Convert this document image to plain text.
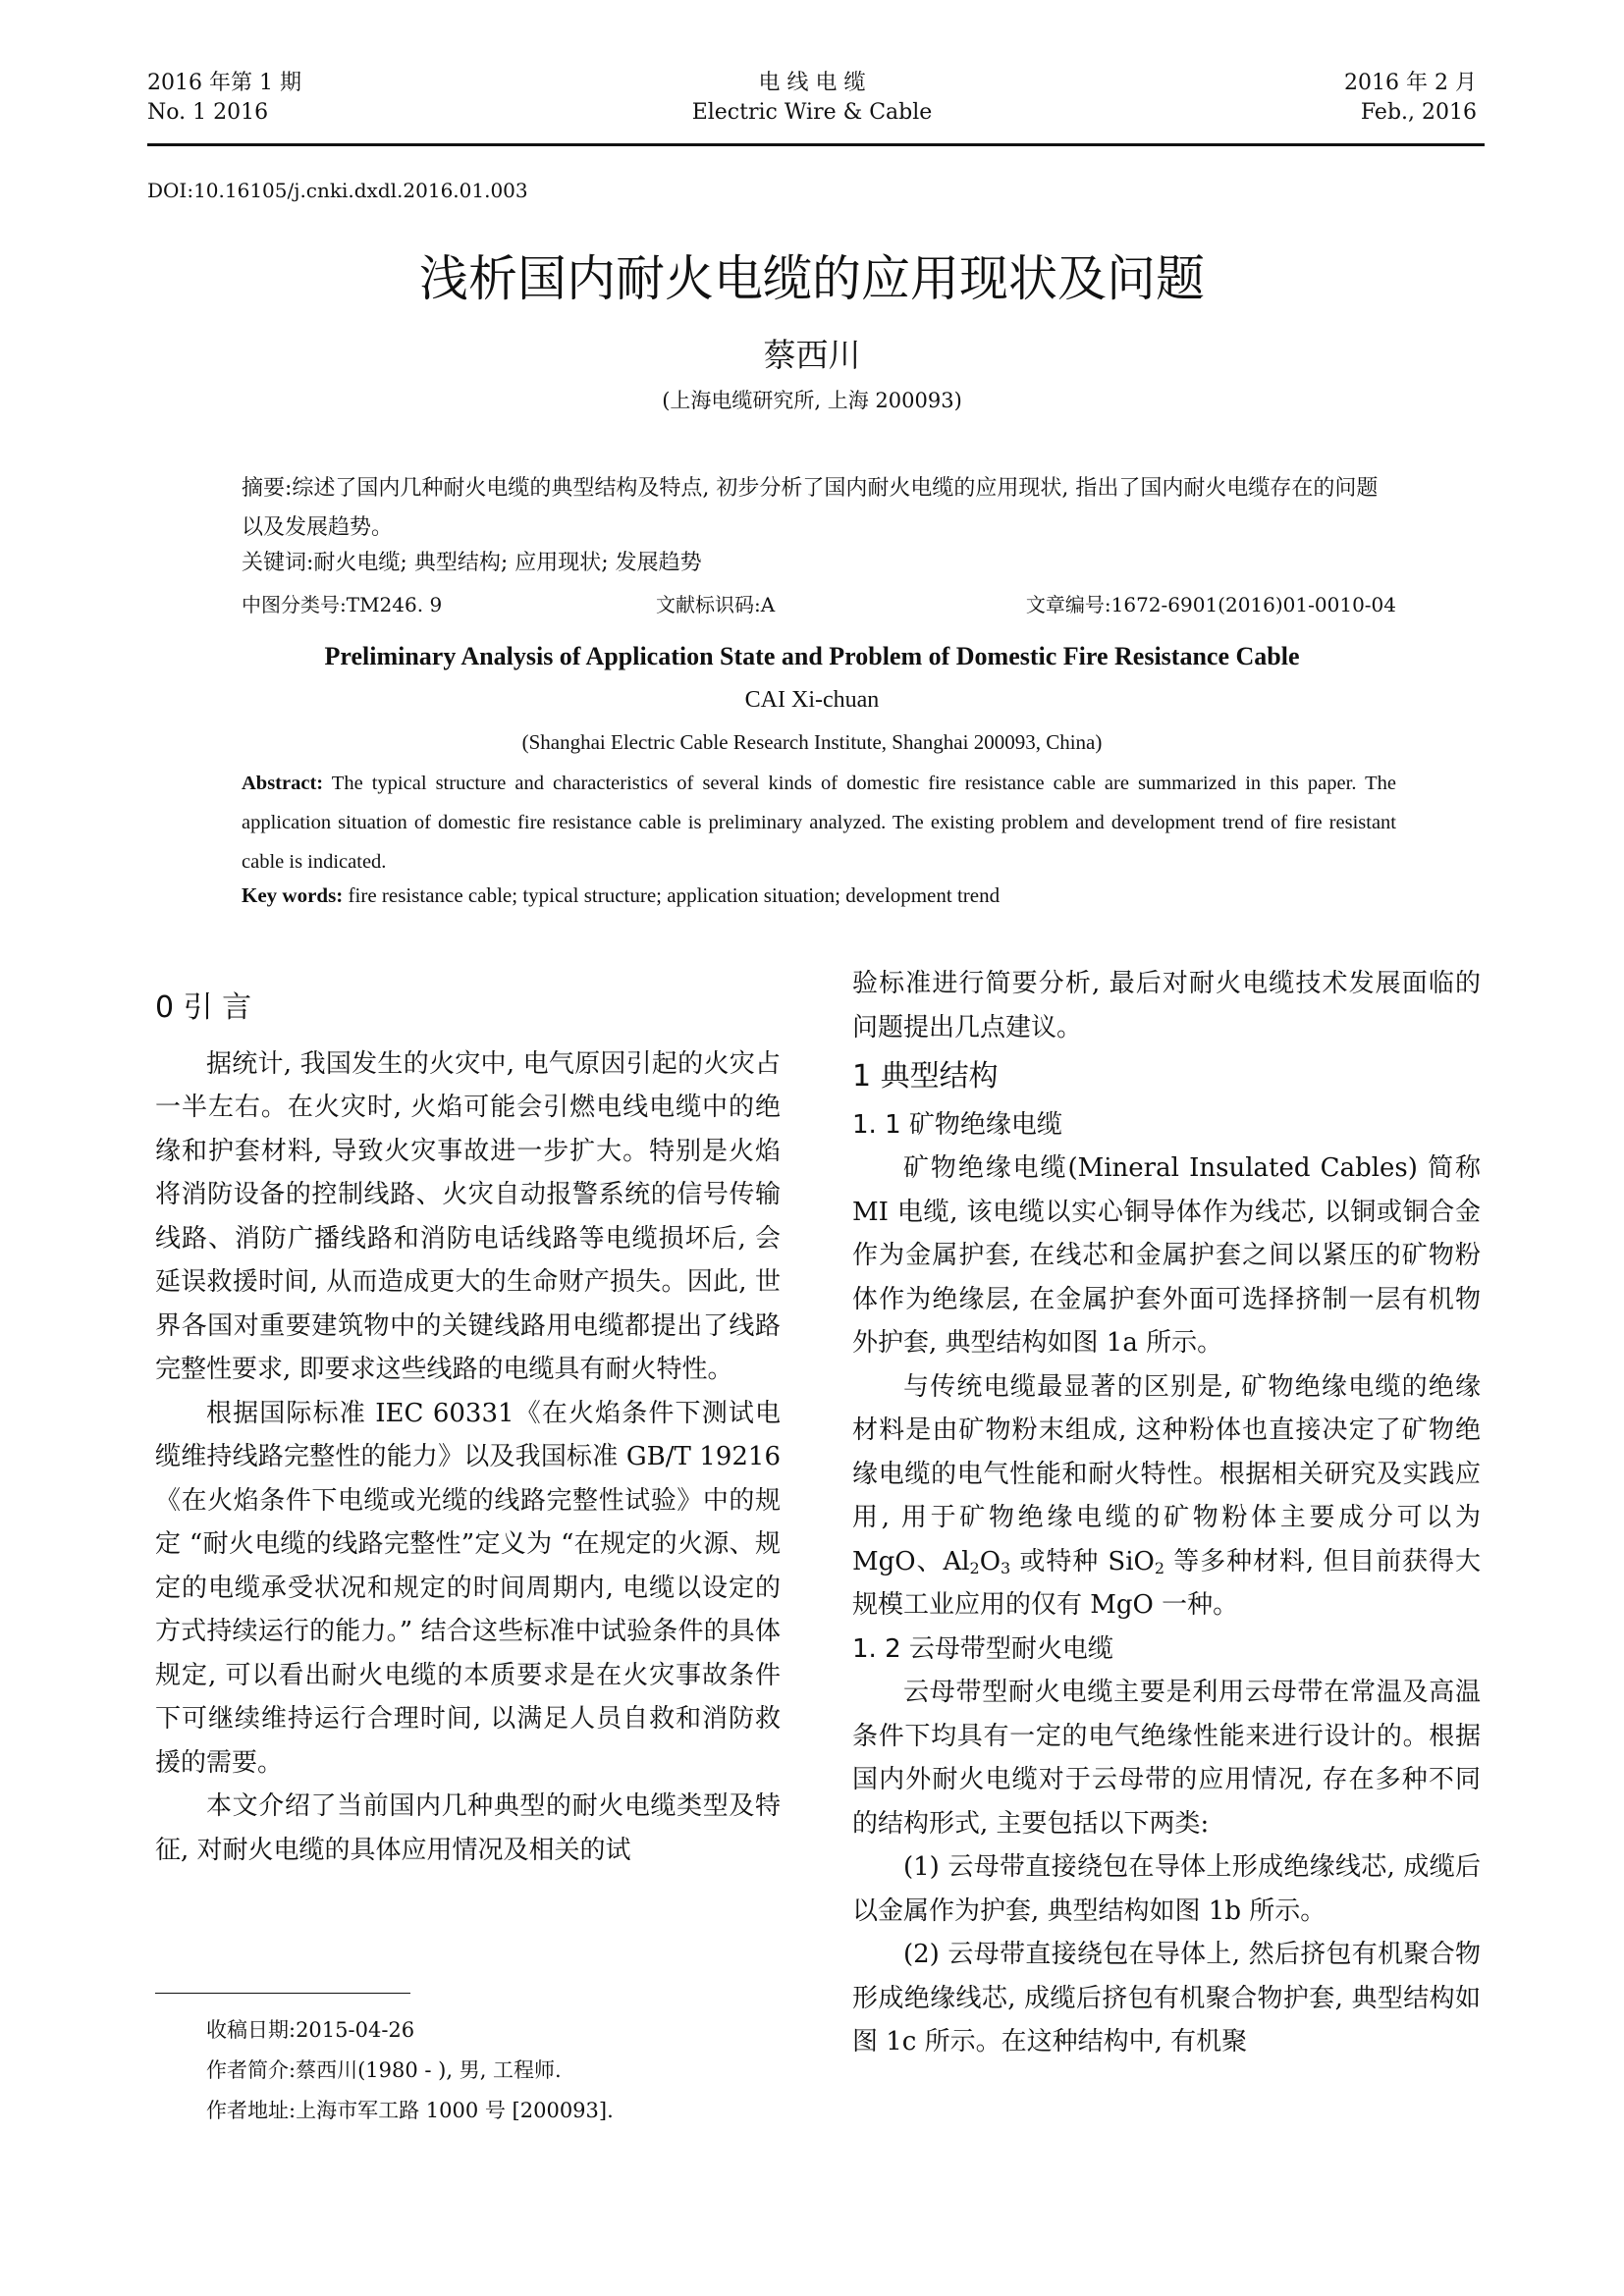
2016 年第 1 期
No. 1 2016
电 线 电 缆
Electric Wire & Cable
2016 年 2 月
Feb., 2016
DOI:10.16105/j.cnki.dxdl.2016.01.003
浅析国内耐火电缆的应用现状及问题
蔡西川
(上海电缆研究所, 上海 200093)
摘要:综述了国内几种耐火电缆的典型结构及特点, 初步分析了国内耐火电缆的应用现状, 指出了国内耐火电缆存在的问题以及发展趋势。
关键词:耐火电缆; 典型结构; 应用现状; 发展趋势
中图分类号:TM246. 9	文献标识码:A	文章编号:1672-6901(2016)01-0010-04
Preliminary Analysis of Application State and Problem of Domestic Fire Resistance Cable
CAI Xi-chuan
(Shanghai Electric Cable Research Institute, Shanghai 200093, China)
Abstract: The typical structure and characteristics of several kinds of domestic fire resistance cable are summarized in this paper. The application situation of domestic fire resistance cable is preliminary analyzed. The existing problem and development trend of fire resistant cable is indicated.
Key words: fire resistance cable; typical structure; application situation; development trend
0 引 言

据统计, 我国发生的火灾中, 电气原因引起的火灾占一半左右。在火灾时, 火焰可能会引燃电线电缆中的绝缘和护套材料, 导致火灾事故进一步扩大。特别是火焰将消防设备的控制线路、火灾自动报警系统的信号传输线路、消防广播线路和消防电话线路等电缆损坏后, 会延误救援时间, 从而造成更大的生命财产损失。因此, 世界各国对重要建筑物中的关键线路用电缆都提出了线路完整性要求, 即要求这些线路的电缆具有耐火特性。

根据国际标准 IEC 60331《在火焰条件下测试电缆维持线路完整性的能力》以及我国标准 GB/T 19216《在火焰条件下电缆或光缆的线路完整性试验》中的规定 “耐火电缆的线路完整性”定义为 “在规定的火源、规定的电缆承受状况和规定的时间周期内, 电缆以设定的方式持续运行的能力。” 结合这些标准中试验条件的具体规定, 可以看出耐火电缆的本质要求是在火灾事故条件下可继续维持运行合理时间, 以满足人员自救和消防救援的需要。

本文介绍了当前国内几种典型的耐火电缆类型及特征, 对耐火电缆的具体应用情况及相关的试

验标准进行简要分析, 最后对耐火电缆技术发展面临的问题提出几点建议。

1 典型结构
1. 1 矿物绝缘电缆

矿物绝缘电缆(Mineral Insulated Cables) 简称 MI 电缆, 该电缆以实心铜导体作为线芯, 以铜或铜合金作为金属护套, 在线芯和金属护套之间以紧压的矿物粉体作为绝缘层, 在金属护套外面可选择挤制一层有机物外护套, 典型结构如图 1a 所示。

与传统电缆最显著的区别是, 矿物绝缘电缆的绝缘材料是由矿物粉末组成, 这种粉体也直接决定了矿物绝缘电缆的电气性能和耐火特性。根据相关研究及实践应用, 用于矿物绝缘电缆的矿物粉体主要成分可以为 MgO、$Al_2O_3$ 或特种 SiO$_2$ 等多种材料, 但目前获得大规模工业应用的仅有 MgO 一种。

1. 2 云母带型耐火电缆

云母带型耐火电缆主要是利用云母带在常温及高温条件下均具有一定的电气绝缘性能来进行设计的。根据国内外耐火电缆对于云母带的应用情况, 存在多种不同的结构形式, 主要包括以下两类:

(1) 云母带直接绕包在导体上形成绝缘线芯, 成缆后以金属作为护套, 典型结构如图 1b 所示。

(2) 云母带直接绕包在导体上, 然后挤包有机聚合物形成绝缘线芯, 成缆后挤包有机聚合物护套, 典型结构如图 1c 所示。在这种结构中, 有机聚

收稿日期:2015-04-26
作者简介:蔡西川(1980 - ), 男, 工程师.
作者地址:上海市军工路 1000 号 [200093].
